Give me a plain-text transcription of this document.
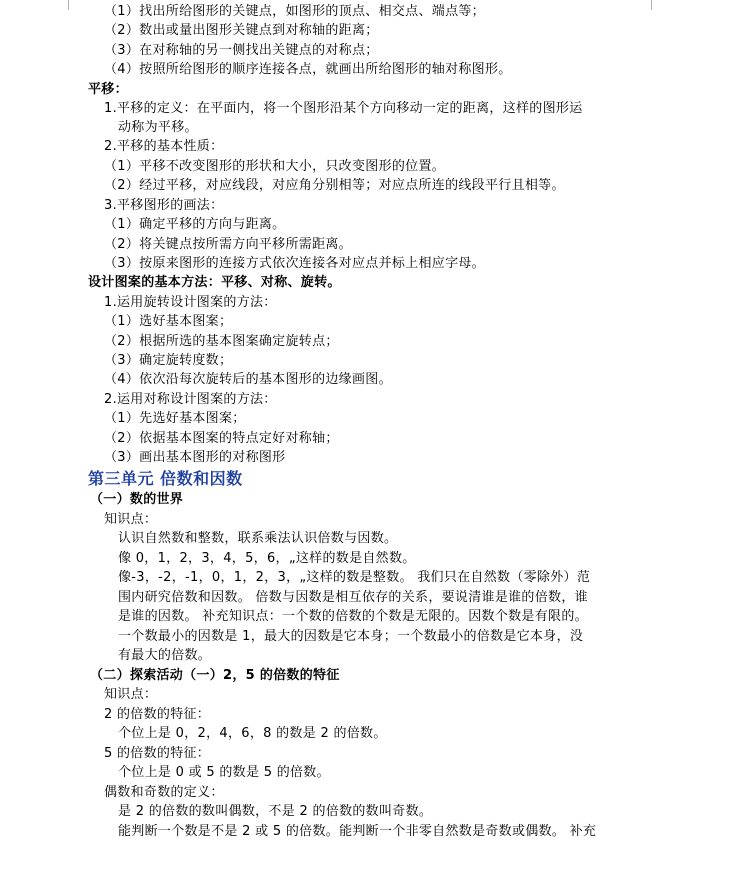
（1）找出所给图形的关键点，如图形的顶点、相交点、端点等；
（2）数出或量出图形关键点到对称轴的距离；
（3）在对称轴的另一侧找出关键点的对称点；
（4）按照所给图形的顺序连接各点，就画出所给图形的轴对称图形。
平移：
1.平移的定义：在平面内，将一个图形沿某个方向移动一定的距离，这样的图形运
动称为平移。
2.平移的基本性质：
（1）平移不改变图形的形状和大小，只改变图形的位置。
（2）经过平移，对应线段，对应角分别相等；对应点所连的线段平行且相等。
3.平移图形的画法：
（1）确定平移的方向与距离。
（2）将关键点按所需方向平移所需距离。
（3）按原来图形的连接方式依次连接各对应点并标上相应字母。
设计图案的基本方法：平移、对称、旋转。
1.运用旋转设计图案的方法：
（1）选好基本图案；
（2）根据所选的基本图案确定旋转点；
（3）确定旋转度数；
（4）依次沿每次旋转后的基本图形的边缘画图。
2.运用对称设计图案的方法：
（1）先选好基本图案；
（2）依据基本图案的特点定好对称轴；
（3）画出基本图形的对称图形
第三单元 倍数和因数
（一）数的世界
知识点：
认识自然数和整数，联系乘法认识倍数与因数。
像 0，1，2，3，4，5，6，„这样的数是自然数。
像-3，-2，-1，0，1，2，3，„这样的数是整数。 我们只在自然数（零除外）范
围内研究倍数和因数。 倍数与因数是相互依存的关系，要说清谁是谁的倍数，谁
是谁的因数。 补充知识点：一个数的倍数的个数是无限的。因数个数是有限的。
一个数最小的因数是 1，最大的因数是它本身；一个数最小的倍数是它本身，没
有最大的倍数。
（二）探索活动（一）2，5 的倍数的特征
知识点：
2 的倍数的特征：
个位上是 0，2，4，6，8 的数是 2 的倍数。
5 的倍数的特征：
个位上是 0 或 5 的数是 5 的倍数。
偶数和奇数的定义：
是 2 的倍数的数叫偶数，不是 2 的倍数的数叫奇数。
能判断一个数是不是 2 或 5 的倍数。能判断一个非零自然数是奇数或偶数。 补充
